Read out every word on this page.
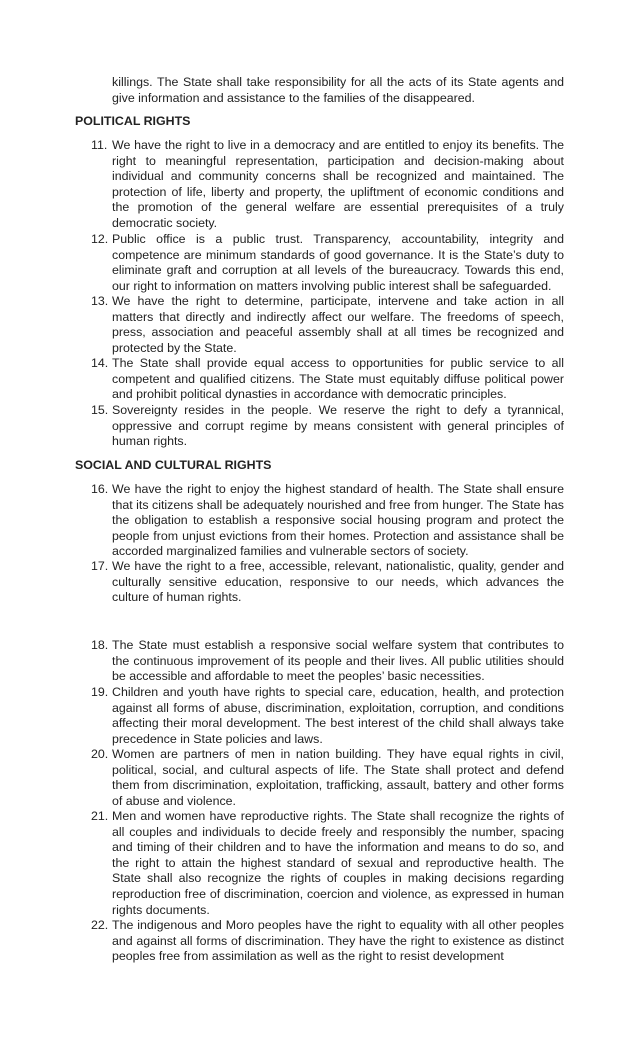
killings. The State shall take responsibility for all the acts of its State agents and give information and assistance to the families of the disappeared.

POLITICAL RIGHTS
11. We have the right to live in a democracy and are entitled to enjoy its benefits. The right to meaningful representation, participation and decision-making about individual and community concerns shall be recognized and maintained. The protection of life, liberty and property, the upliftment of economic conditions and the promotion of the general welfare are essential prerequisites of a truly democratic society.
12. Public office is a public trust. Transparency, accountability, integrity and competence are minimum standards of good governance. It is the State’s duty to eliminate graft and corruption at all levels of the bureaucracy. Towards this end, our right to information on matters involving public interest shall be safeguarded.
13. We have the right to determine, participate, intervene and take action in all matters that directly and indirectly affect our welfare. The freedoms of speech, press, association and peaceful assembly shall at all times be recognized and protected by the State.
14. The State shall provide equal access to opportunities for public service to all competent and qualified citizens. The State must equitably diffuse political power and prohibit political dynasties in accordance with democratic principles.
15. Sovereignty resides in the people. We reserve the right to defy a tyrannical, oppressive and corrupt regime by means consistent with general principles of human rights.
SOCIAL AND CULTURAL RIGHTS
16. We have the right to enjoy the highest standard of health. The State shall ensure that its citizens shall be adequately nourished and free from hunger. The State has the obligation to establish a responsive social housing program and protect the people from unjust evictions from their homes. Protection and assistance shall be accorded marginalized families and vulnerable sectors of society.
17. We have the right to a free, accessible, relevant, nationalistic, quality, gender and culturally sensitive education, responsive to our needs, which advances the culture of human rights.
18. The State must establish a responsive social welfare system that contributes to the continuous improvement of its people and their lives. All public utilities should be accessible and affordable to meet the peoples’ basic necessities.
19. Children and youth have rights to special care, education, health, and protection against all forms of abuse, discrimination, exploitation, corruption, and conditions affecting their moral development. The best interest of the child shall always take precedence in State policies and laws.
20. Women are partners of men in nation building. They have equal rights in civil, political, social, and cultural aspects of life. The State shall protect and defend them from discrimination, exploitation, trafficking, assault, battery and other forms of abuse and violence.
21. Men and women have reproductive rights. The State shall recognize the rights of all couples and individuals to decide freely and responsibly the number, spacing and timing of their children and to have the information and means to do so, and the right to attain the highest standard of sexual and reproductive health. The State shall also recognize the rights of couples in making decisions regarding reproduction free of discrimination, coercion and violence, as expressed in human rights documents.
22. The indigenous and Moro peoples have the right to equality with all other peoples and against all forms of discrimination. They have the right to existence as distinct peoples free from assimilation as well as the right to resist development
